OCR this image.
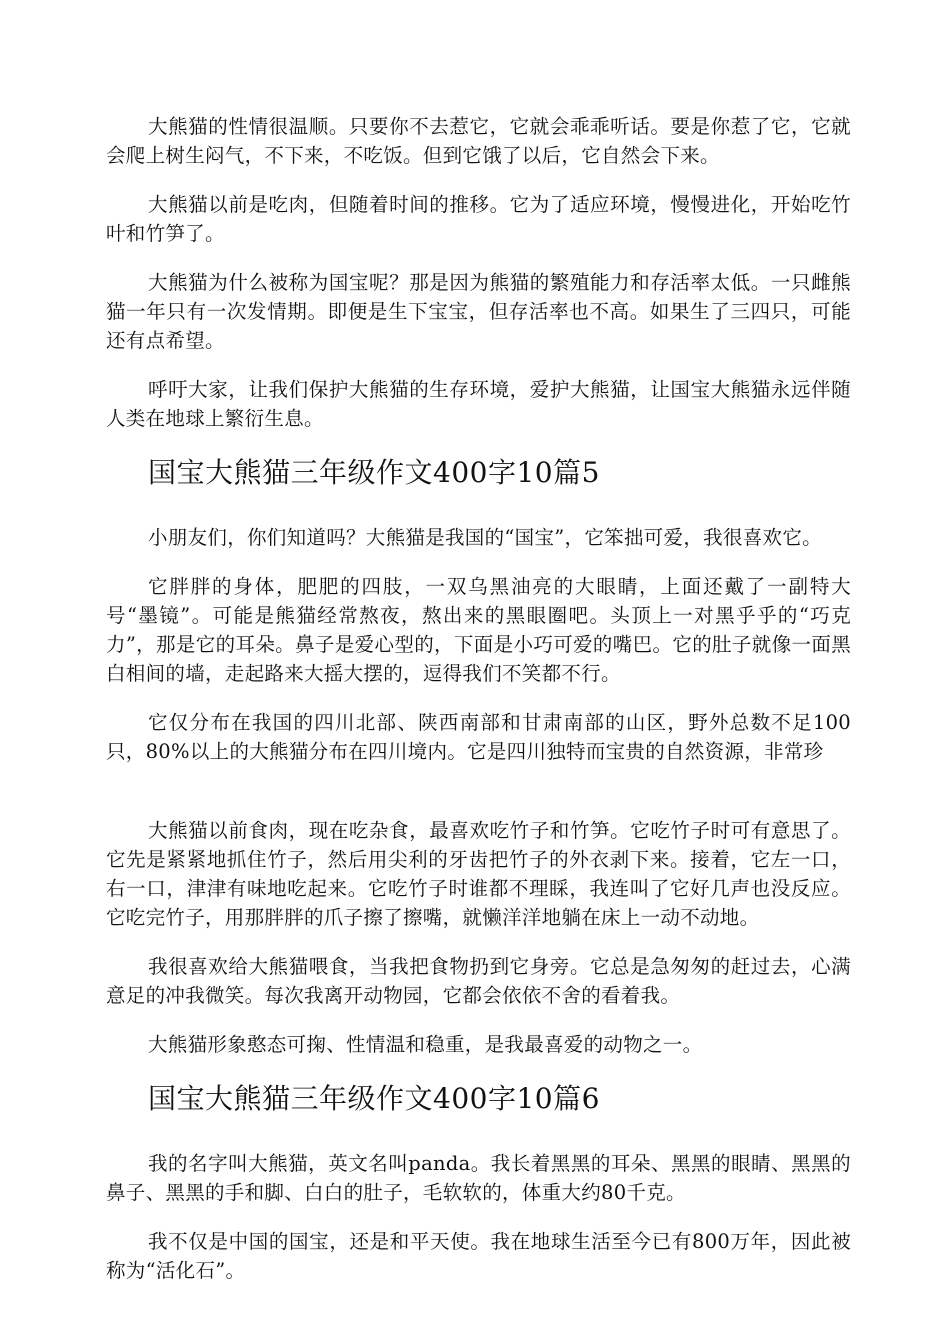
大熊猫的性情很温顺。只要你不去惹它，它就会乖乖听话。要是你惹了它，它就会爬上树生闷气，不下来，不吃饭。但到它饿了以后，它自然会下来。

大熊猫以前是吃肉，但随着时间的推移。它为了适应环境，慢慢进化，开始吃竹叶和竹笋了。

大熊猫为什么被称为国宝呢？那是因为熊猫的繁殖能力和存活率太低。一只雌熊猫一年只有一次发情期。即便是生下宝宝，但存活率也不高。如果生了三四只，可能还有点希望。

呼吁大家，让我们保护大熊猫的生存环境，爱护大熊猫，让国宝大熊猫永远伴随人类在地球上繁衍生息。

国宝大熊猫三年级作文400字10篇5

小朋友们，你们知道吗？大熊猫是我国的“国宝”，它笨拙可爱，我很喜欢它。

它胖胖的身体，肥肥的四肢，一双乌黑油亮的大眼睛，上面还戴了一副特大号“墨镜”。可能是熊猫经常熬夜，熬出来的黑眼圈吧。头顶上一对黑乎乎的“巧克力”，那是它的耳朵。鼻子是爱心型的，下面是小巧可爱的嘴巴。它的肚子就像一面黑白相间的墙，走起路来大摇大摆的，逗得我们不笑都不行。

它仅分布在我国的四川北部、陕西南部和甘肃南部的山区，野外总数不足100只，80%以上的大熊猫分布在四川境内。它是四川独特而宝贵的自然资源，非常珍

大熊猫以前食肉，现在吃杂食，最喜欢吃竹子和竹笋。它吃竹子时可有意思了。它先是紧紧地抓住竹子，然后用尖利的牙齿把竹子的外衣剥下来。接着，它左一口，右一口，津津有味地吃起来。它吃竹子时谁都不理睬，我连叫了它好几声也没反应。它吃完竹子，用那胖胖的爪子擦了擦嘴，就懒洋洋地躺在床上一动不动地。

我很喜欢给大熊猫喂食，当我把食物扔到它身旁。它总是急匆匆的赶过去，心满意足的冲我微笑。每次我离开动物园，它都会依依不舍的看着我。

大熊猫形象憨态可掬、性情温和稳重，是我最喜爱的动物之一。

国宝大熊猫三年级作文400字10篇6

我的名字叫大熊猫，英文名叫panda。我长着黑黑的耳朵、黑黑的眼睛、黑黑的鼻子、黑黑的手和脚、白白的肚子，毛软软的，体重大约80千克。

我不仅是中国的国宝，还是和平天使。我在地球生活至今已有800万年，因此被称为“活化石”。
